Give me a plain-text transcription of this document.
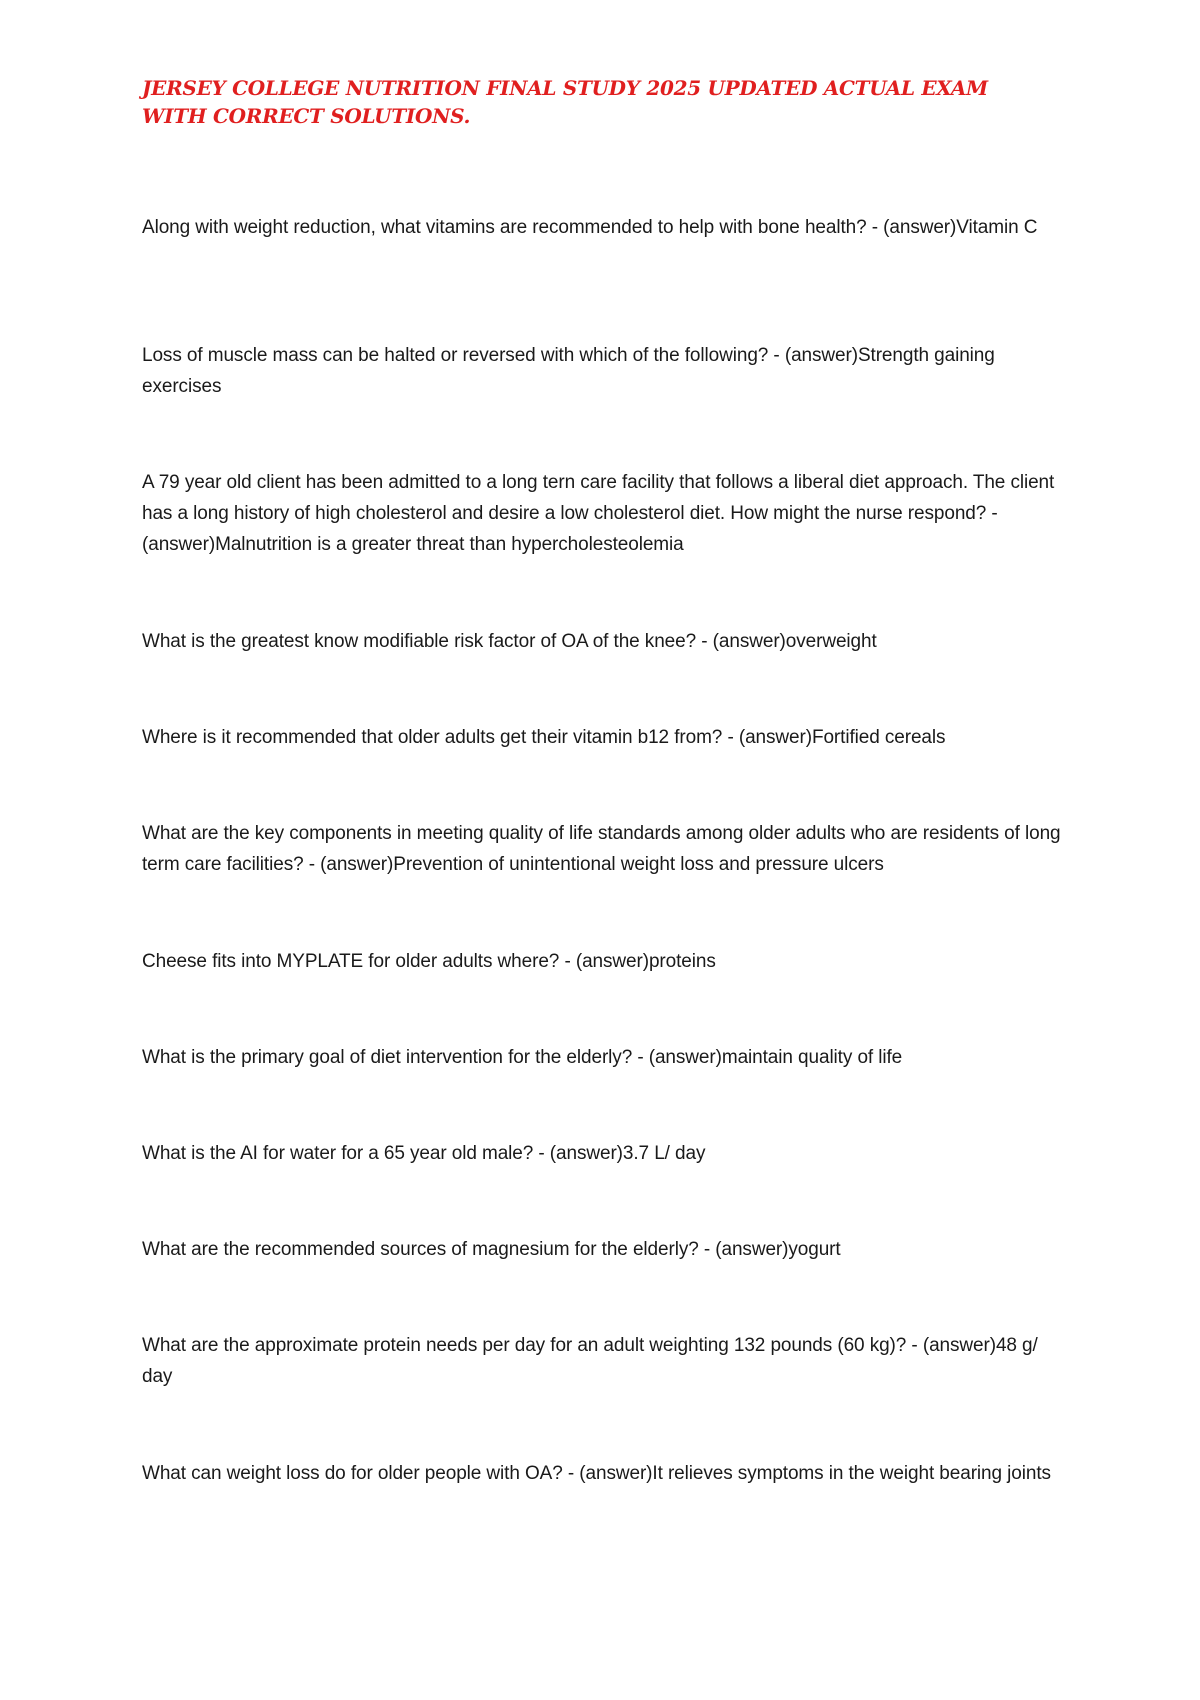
JERSEY COLLEGE NUTRITION FINAL STUDY 2025 UPDATED ACTUAL EXAM WITH CORRECT SOLUTIONS.

Along with weight reduction, what vitamins are recommended to help with bone health? - (answer)Vitamin C

Loss of muscle mass can be halted or reversed with which of the following? - (answer)Strength gaining exercises

A 79 year old client has been admitted to a long tern care facility that follows a liberal diet approach. The client has a long history of high cholesterol and desire a low cholesterol diet. How might the nurse respond? - (answer)Malnutrition is a greater threat than hypercholesteolemia

What is the greatest know modifiable risk factor of OA of the knee? - (answer)overweight

Where is it recommended that older adults get their vitamin b12 from? - (answer)Fortified cereals

What are the key components in meeting quality of life standards among older adults who are residents of long term care facilities? - (answer)Prevention of unintentional weight loss and pressure ulcers

Cheese fits into MYPLATE for older adults where? - (answer)proteins

What is the primary goal of diet intervention for the elderly? - (answer)maintain quality of life

What is the AI for water for a 65 year old male? - (answer)3.7 L/ day

What are the recommended sources of magnesium for the elderly? - (answer)yogurt

What are the approximate protein needs per day for an adult weighting 132 pounds (60 kg)? - (answer)48 g/ day

What can weight loss do for older people with OA? - (answer)It relieves symptoms in the weight bearing joints
